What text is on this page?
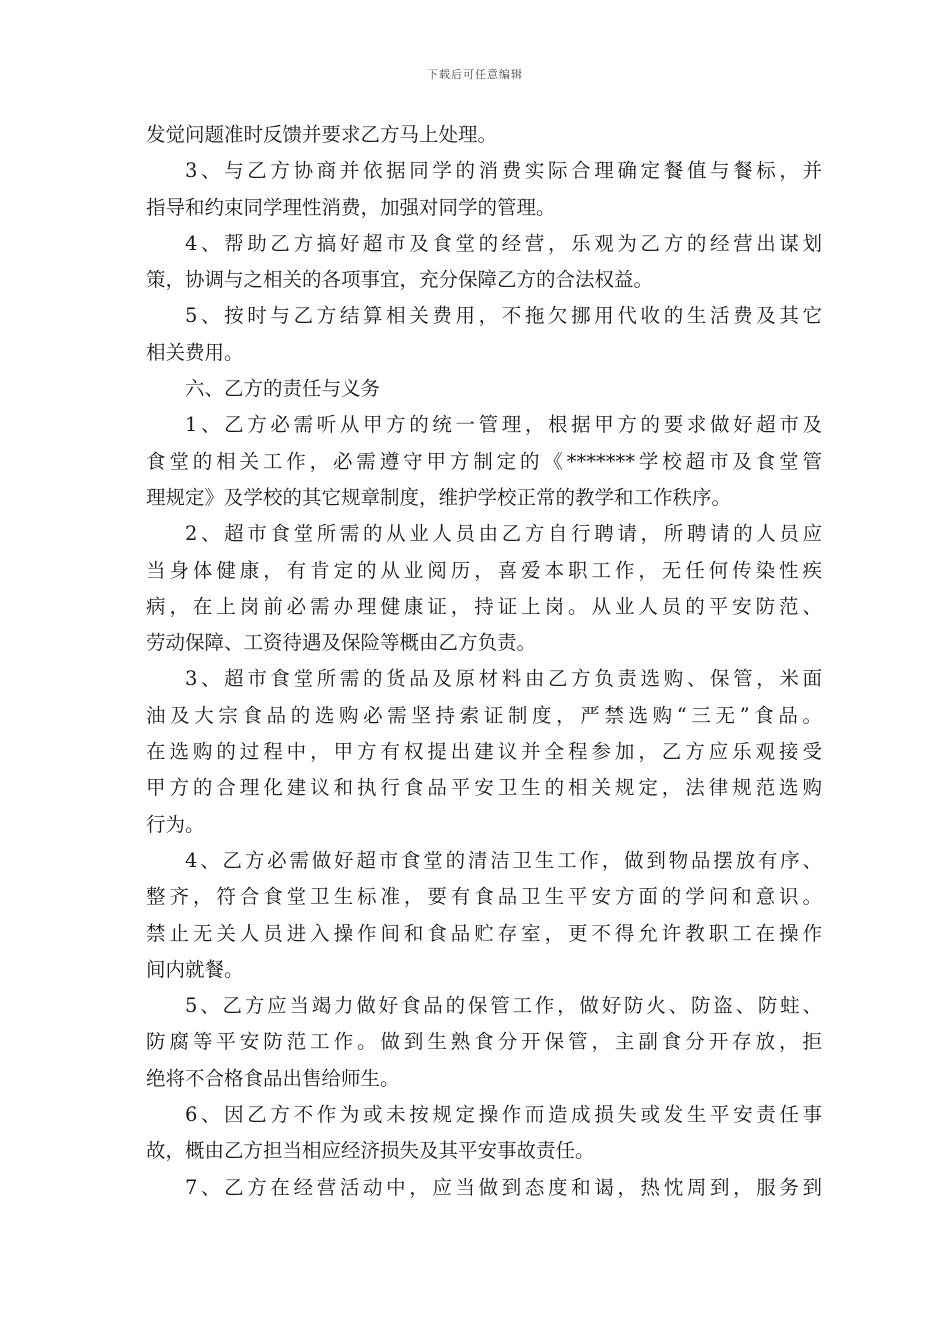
下载后可任意编辑
发觉问题准时反馈并要求乙方马上处理。
3、与乙方协商并依据同学的消费实际合理确定餐值与餐标，并
指导和约束同学理性消费，加强对同学的管理。
4、帮助乙方搞好超市及食堂的经营，乐观为乙方的经营出谋划
策，协调与之相关的各项事宜，充分保障乙方的合法权益。
5、按时与乙方结算相关费用，不拖欠挪用代收的生活费及其它
相关费用。
六、乙方的责任与义务
1、乙方必需听从甲方的统一管理，根据甲方的要求做好超市及
食堂的相关工作，必需遵守甲方制定的《*******学校超市及食堂管
理规定》及学校的其它规章制度，维护学校正常的教学和工作秩序。
2、超市食堂所需的从业人员由乙方自行聘请，所聘请的人员应
当身体健康，有肯定的从业阅历，喜爱本职工作，无任何传染性疾
病，在上岗前必需办理健康证，持证上岗。从业人员的平安防范、
劳动保障、工资待遇及保险等概由乙方负责。
3、超市食堂所需的货品及原材料由乙方负责选购、保管，米面
油及大宗食品的选购必需坚持索证制度，严禁选购“三无”食品。
在选购的过程中，甲方有权提出建议并全程参加，乙方应乐观接受
甲方的合理化建议和执行食品平安卫生的相关规定，法律规范选购
行为。
4、乙方必需做好超市食堂的清洁卫生工作，做到物品摆放有序、
整齐，符合食堂卫生标准，要有食品卫生平安方面的学问和意识。
禁止无关人员进入操作间和食品贮存室，更不得允许教职工在操作
间内就餐。
5、乙方应当竭力做好食品的保管工作，做好防火、防盗、防蛀、
防腐等平安防范工作。做到生熟食分开保管，主副食分开存放，拒
绝将不合格食品出售给师生。
6、因乙方不作为或未按规定操作而造成损失或发生平安责任事
故，概由乙方担当相应经济损失及其平安事故责任。
7、乙方在经营活动中，应当做到态度和谒，热忱周到，服务到
